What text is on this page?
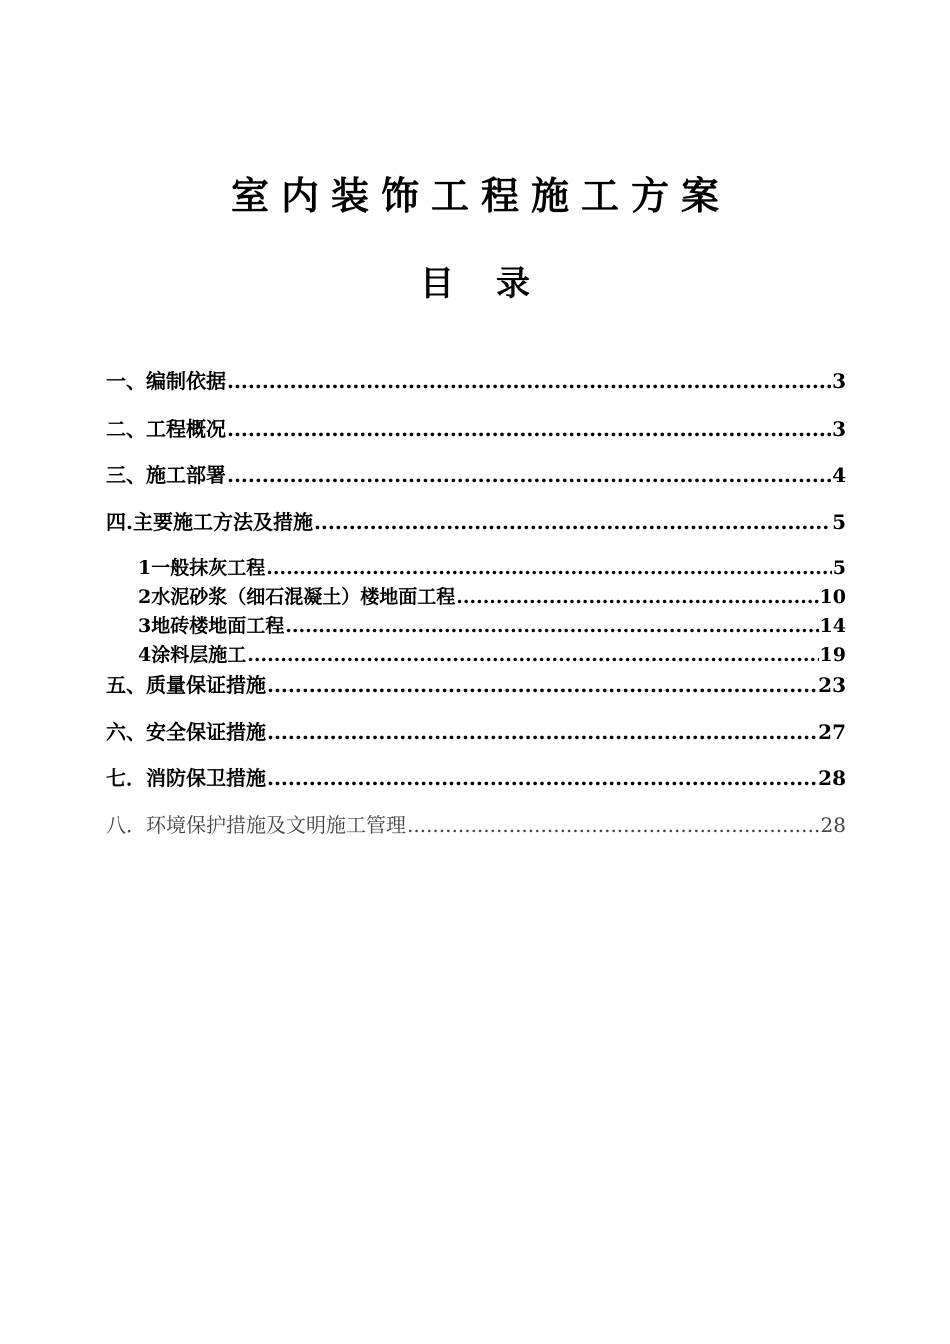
室内装饰工程施工方案
目录
一、编制依据 .....	3
二、工程概况 .....	3
三、施工部署 .....	4
四.主要施工方法及措施 .....	5
1一般抹灰工程 .....	5
2水泥砂浆（细石混凝土）楼地面工程 .....	10
3地砖楼地面工程 .....	14
4涂料层施工 .....	19
五、质量保证措施 .....	23
六、安全保证措施 .....	27
七．消防保卫措施 .....	28
八．环境保护措施及文明施工管理 .....	28
